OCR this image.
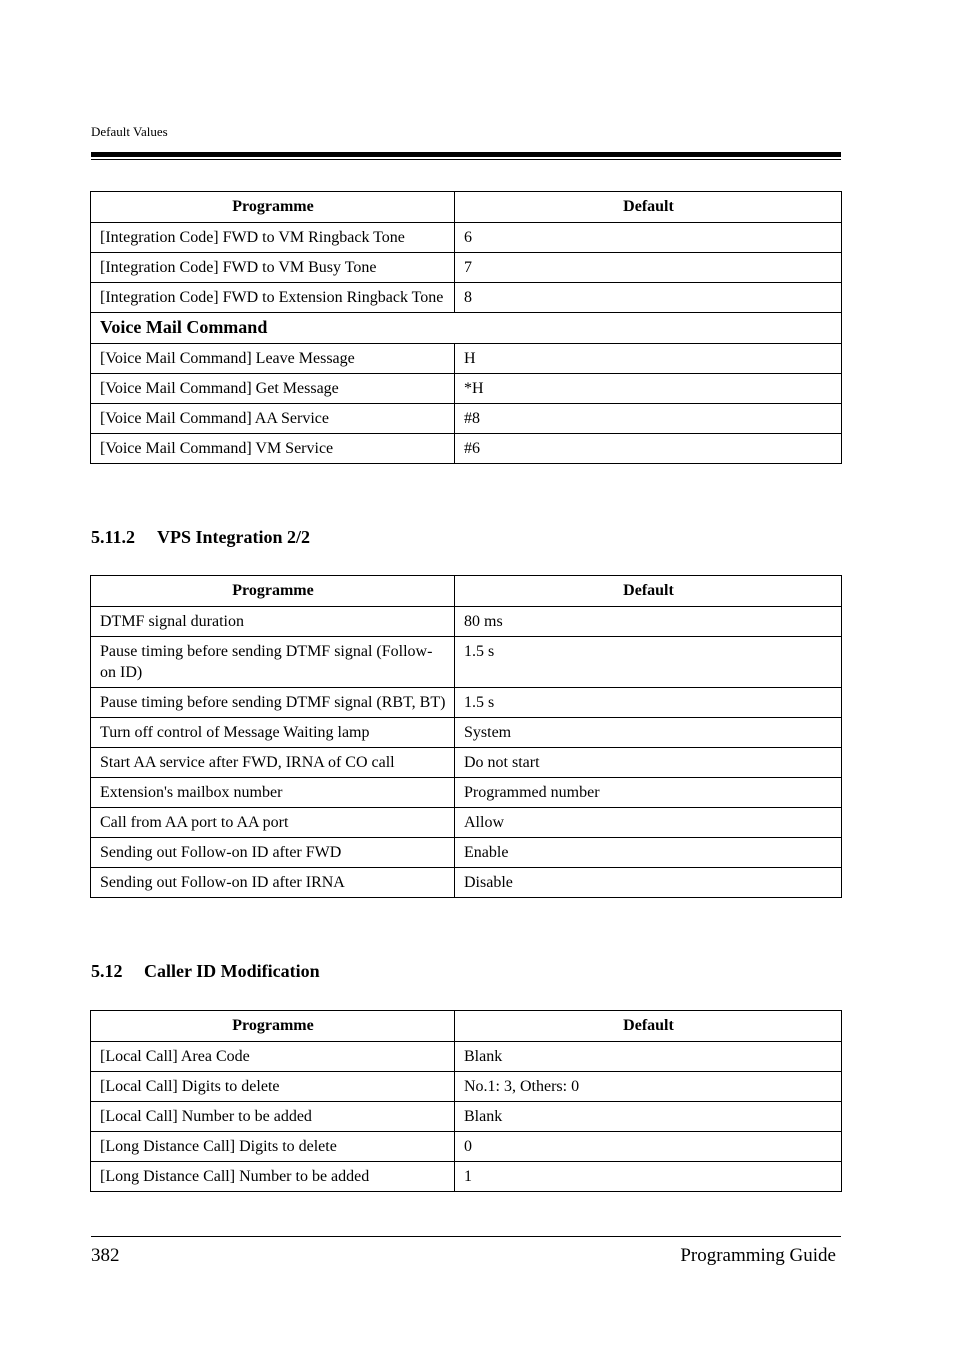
Default Values
Programme	Default
[Integration Code] FWD to VM Ringback Tone	6
[Integration Code] FWD to VM Busy Tone	7
[Integration Code] FWD to Extension Ringback Tone	8
Voice Mail Command	
[Voice Mail Command] Leave Message	H
[Voice Mail Command] Get Message	*H
[Voice Mail Command] AA Service	#8
[Voice Mail Command] VM Service	#6
5.11.2 VPS Integration 2/2
Programme	Default
DTMF signal duration	80 ms
Pause timing before sending DTMF signal (Follow-on ID)	1.5 s
Pause timing before sending DTMF signal (RBT, BT)	1.5 s
Turn off control of Message Waiting lamp	System
Start AA service after FWD, IRNA of CO call	Do not start
Extension's mailbox number	Programmed number
Call from AA port to AA port	Allow
Sending out Follow-on ID after FWD	Enable
Sending out Follow-on ID after IRNA	Disable
5.12 Caller ID Modification
Programme	Default
[Local Call] Area Code	Blank
[Local Call] Digits to delete	No.1: 3, Others: 0
[Local Call] Number to be added	Blank
[Long Distance Call] Digits to delete	0
[Long Distance Call] Number to be added	1
382	Programming Guide
